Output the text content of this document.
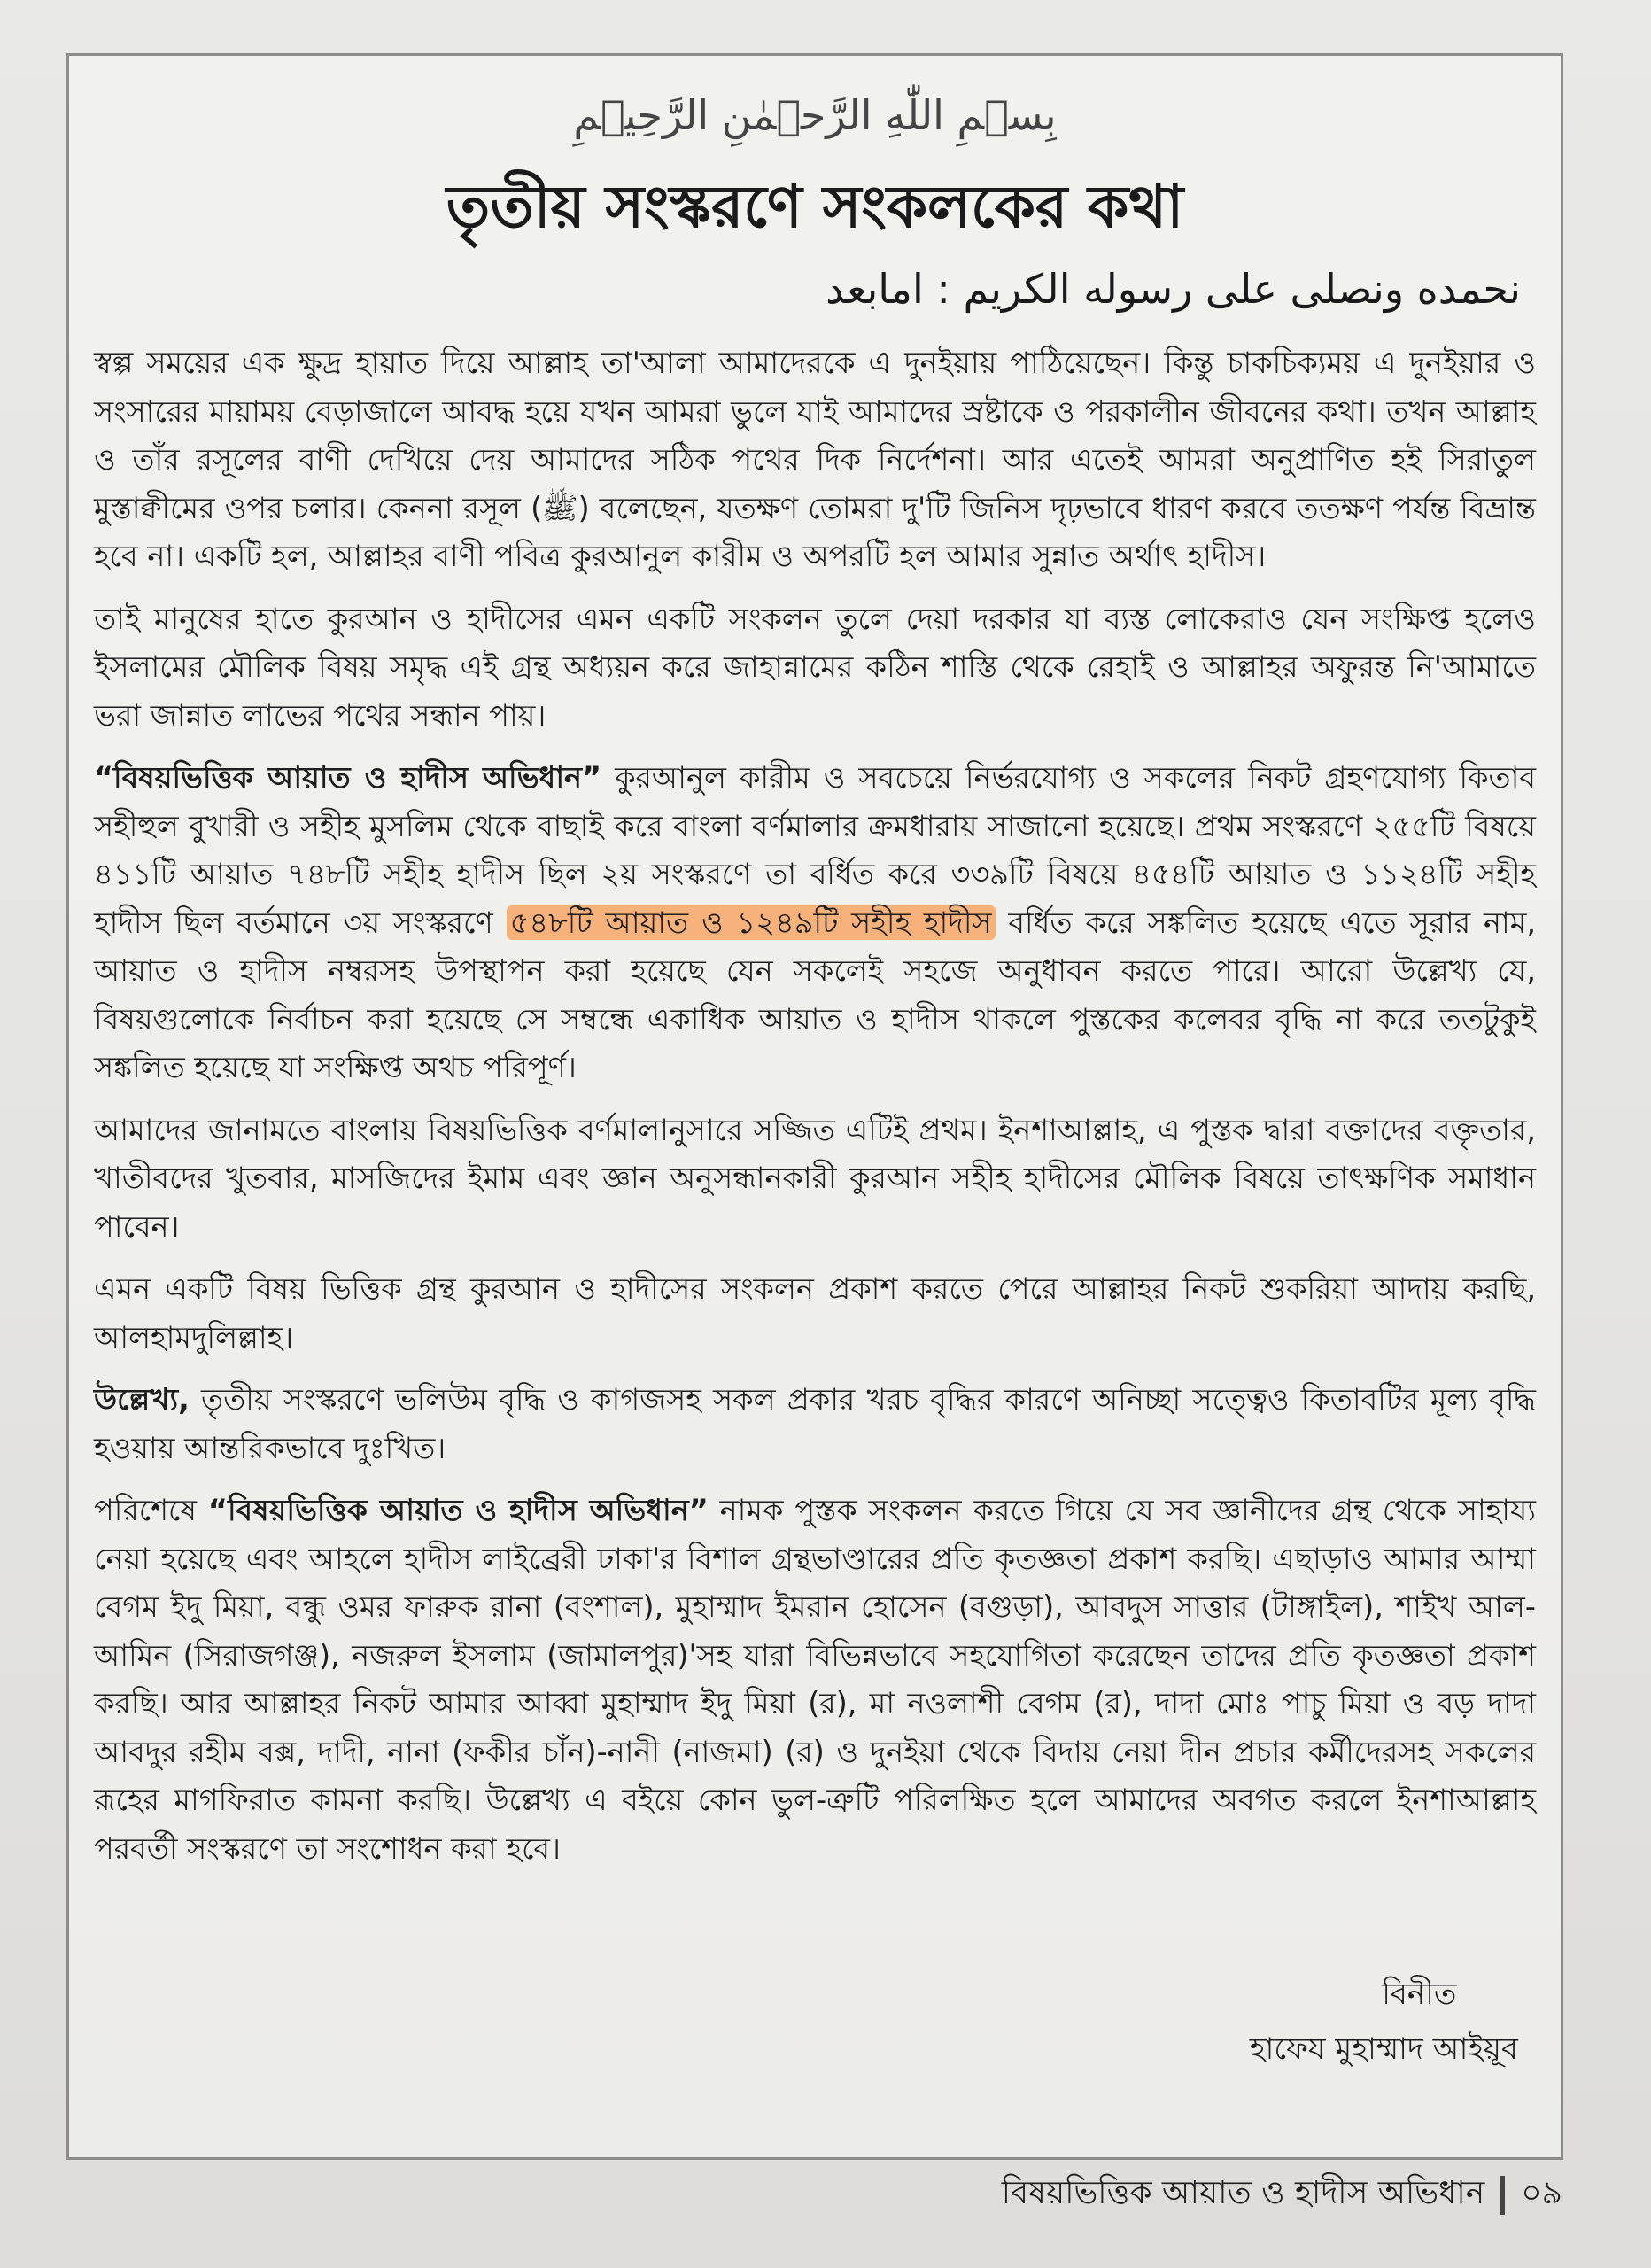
بِسۡمِ اللّٰهِ الرَّحۡمٰنِ الرَّحِیۡمِ
তৃতীয় সংস্করণে সংকলকের কথা
نحمده ونصلى على رسوله الكريم : امابعد

স্বল্প সময়ের এক ক্ষুদ্র হায়াত দিয়ে আল্লাহ তা'আলা আমাদেরকে এ দুনইয়ায় পাঠিয়েছেন। কিন্তু চাকচিক্যময় এ দুনইয়ার ও সংসারের মায়াময় বেড়াজালে আবদ্ধ হয়ে যখন আমরা ভুলে যাই আমাদের স্রষ্টাকে ও পরকালীন জীবনের কথা। তখন আল্লাহ ও তাঁর রসূলের বাণী দেখিয়ে দেয় আমাদের সঠিক পথের দিক নির্দেশনা। আর এতেই আমরা অনুপ্রাণিত হই সিরাতুল মুস্তাক্বীমের ওপর চলার। কেননা রসূল (ﷺ) বলেছেন, যতক্ষণ তোমরা দু'টি জিনিস দৃঢ়ভাবে ধারণ করবে ততক্ষণ পর্যন্ত বিভ্রান্ত হবে না। একটি হল, আল্লাহর বাণী পবিত্র কুরআনুল কারীম ও অপরটি হল আমার সুন্নাত অর্থাৎ হাদীস।

তাই মানুষের হাতে কুরআন ও হাদীসের এমন একটি সংকলন তুলে দেয়া দরকার যা ব্যস্ত লোকেরাও যেন সংক্ষিপ্ত হলেও ইসলামের মৌলিক বিষয় সমৃদ্ধ এই গ্রন্থ অধ্যয়ন করে জাহান্নামের কঠিন শাস্তি থেকে রেহাই ও আল্লাহর অফুরন্ত নি'আমাতে ভরা জান্নাত লাভের পথের সন্ধান পায়।

“বিষয়ভিত্তিক আয়াত ও হাদীস অভিধান” কুরআনুল কারীম ও সবচেয়ে নির্ভরযোগ্য ও সকলের নিকট গ্রহণযোগ্য কিতাব সহীহুল বুখারী ও সহীহ মুসলিম থেকে বাছাই করে বাংলা বর্ণমালার ক্রমধারায় সাজানো হয়েছে। প্রথম সংস্করণে ২৫৫টি বিষয়ে ৪১১টি আয়াত ৭৪৮টি সহীহ হাদীস ছিল ২য় সংস্করণে তা বর্ধিত করে ৩৩৯টি বিষয়ে ৪৫৪টি আয়াত ও ১১২৪টি সহীহ হাদীস ছিল বর্তমানে ৩য় সংস্করণে ৫৪৮টি আয়াত ও ১২৪৯টি সহীহ হাদীস বর্ধিত করে সঙ্কলিত হয়েছে এতে সূরার নাম, আয়াত ও হাদীস নম্বরসহ উপস্থাপন করা হয়েছে যেন সকলেই সহজে অনুধাবন করতে পারে। আরো উল্লেখ্য যে, বিষয়গুলোকে নির্বাচন করা হয়েছে সে সম্বন্ধে একাধিক আয়াত ও হাদীস থাকলে পুস্তকের কলেবর বৃদ্ধি না করে ততটুকুই সঙ্কলিত হয়েছে যা সংক্ষিপ্ত অথচ পরিপূর্ণ।

আমাদের জানামতে বাংলায় বিষয়ভিত্তিক বর্ণমালানুসারে সজ্জিত এটিই প্রথম। ইনশাআল্লাহ, এ পুস্তক দ্বারা বক্তাদের বক্তৃতার, খাতীবদের খুতবার, মাসজিদের ইমাম এবং জ্ঞান অনুসন্ধানকারী কুরআন সহীহ হাদীসের মৌলিক বিষয়ে তাৎক্ষণিক সমাধান পাবেন।

এমন একটি বিষয় ভিত্তিক গ্রন্থ কুরআন ও হাদীসের সংকলন প্রকাশ করতে পেরে আল্লাহর নিকট শুকরিয়া আদায় করছি, আলহামদুলিল্লাহ।

উল্লেখ্য, তৃতীয় সংস্করণে ভলিউম বৃদ্ধি ও কাগজসহ সকল প্রকার খরচ বৃদ্ধির কারণে অনিচ্ছা সত্ত্বেও কিতাবটির মূল্য বৃদ্ধি হওয়ায় আন্তরিকভাবে দুঃখিত।

পরিশেষে “বিষয়ভিত্তিক আয়াত ও হাদীস অভিধান” নামক পুস্তক সংকলন করতে গিয়ে যে সব জ্ঞানীদের গ্রন্থ থেকে সাহায্য নেয়া হয়েছে এবং আহলে হাদীস লাইব্রেরী ঢাকা'র বিশাল গ্রন্থভাণ্ডারের প্রতি কৃতজ্ঞতা প্রকাশ করছি। এছাড়াও আমার আম্মা বেগম ইদু মিয়া, বন্ধু ওমর ফারুক রানা (বংশাল), মুহাম্মাদ ইমরান হোসেন (বগুড়া), আবদুস সাত্তার (টাঙ্গাইল), শাইখ আল-আমিন (সিরাজগঞ্জ), নজরুল ইসলাম (জামালপুর)'সহ যারা বিভিন্নভাবে সহযোগিতা করেছেন তাদের প্রতি কৃতজ্ঞতা প্রকাশ করছি। আর আল্লাহর নিকট আমার আব্বা মুহাম্মাদ ইদু মিয়া (র), মা নওলাশী বেগম (র), দাদা মোঃ পাচু মিয়া ও বড় দাদা আবদুর রহীম বক্স, দাদী, নানা (ফকীর চাঁন)-নানী (নাজমা) (র) ও দুনইয়া থেকে বিদায় নেয়া দীন প্রচার কর্মীদেরসহ সকলের রূহের মাগফিরাত কামনা করছি। উল্লেখ্য এ বইয়ে কোন ভুল-ত্রুটি পরিলক্ষিত হলে আমাদের অবগত করলে ইনশাআল্লাহ পরবর্তী সংস্করণে তা সংশোধন করা হবে।

বিনীত
হাফেয মুহাম্মাদ আইয়ূব
বিষয়ভিত্তিক আয়াত ও হাদীস অভিধান ০৯
